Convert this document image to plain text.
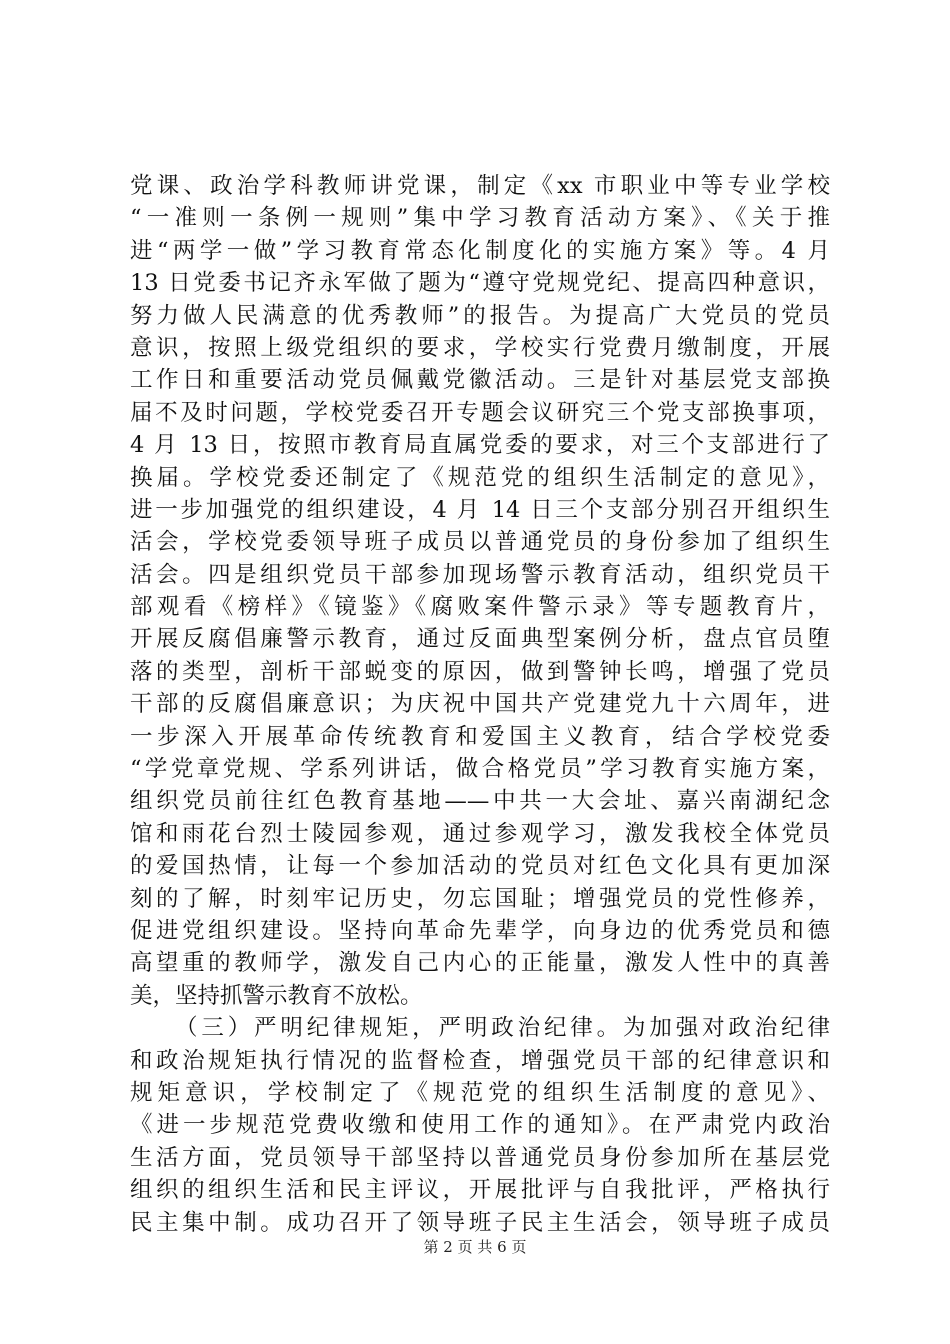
党课、政治学科教师讲党课，制定《xx 市职业中等专业学校
“一准则一条例一规则”集中学习教育活动方案》、《关于推
进“两学一做”学习教育常态化制度化的实施方案》等。4 月
13 日党委书记齐永军做了题为“遵守党规党纪、提高四种意识，
努力做人民满意的优秀教师”的报告。为提高广大党员的党员
意识，按照上级党组织的要求，学校实行党费月缴制度，开展
工作日和重要活动党员佩戴党徽活动。三是针对基层党支部换
届不及时问题，学校党委召开专题会议研究三个党支部换事项，
4 月 13 日，按照市教育局直属党委的要求，对三个支部进行了
换届。学校党委还制定了《规范党的组织生活制定的意见》，
进一步加强党的组织建设，4 月 14 日三个支部分别召开组织生
活会，学校党委领导班子成员以普通党员的身份参加了组织生
活会。四是组织党员干部参加现场警示教育活动，组织党员干
部观看《榜样》《镜鉴》《腐败案件警示录》等专题教育片，
开展反腐倡廉警示教育，通过反面典型案例分析，盘点官员堕
落的类型，剖析干部蜕变的原因，做到警钟长鸣，增强了党员
干部的反腐倡廉意识；为庆祝中国共产党建党九十六周年，进
一步深入开展革命传统教育和爱国主义教育，结合学校党委
“学党章党规、学系列讲话，做合格党员”学习教育实施方案，
组织党员前往红色教育基地——中共一大会址、嘉兴南湖纪念
馆和雨花台烈士陵园参观，通过参观学习，激发我校全体党员
的爱国热情，让每一个参加活动的党员对红色文化具有更加深
刻的了解，时刻牢记历史，勿忘国耻；增强党员的党性修养，
促进党组织建设。坚持向革命先辈学，向身边的优秀党员和德
高望重的教师学，激发自己内心的正能量，激发人性中的真善
美，坚持抓警示教育不放松。
（三）严明纪律规矩，严明政治纪律。为加强对政治纪律
和政治规矩执行情况的监督检查，增强党员干部的纪律意识和
规矩意识，学校制定了《规范党的组织生活制度的意见》、
《进一步规范党费收缴和使用工作的通知》。在严肃党内政治
生活方面，党员领导干部坚持以普通党员身份参加所在基层党
组织的组织生活和民主评议，开展批评与自我批评，严格执行
民主集中制。成功召开了领导班子民主生活会，领导班子成员
第 2 页 共 6 页
